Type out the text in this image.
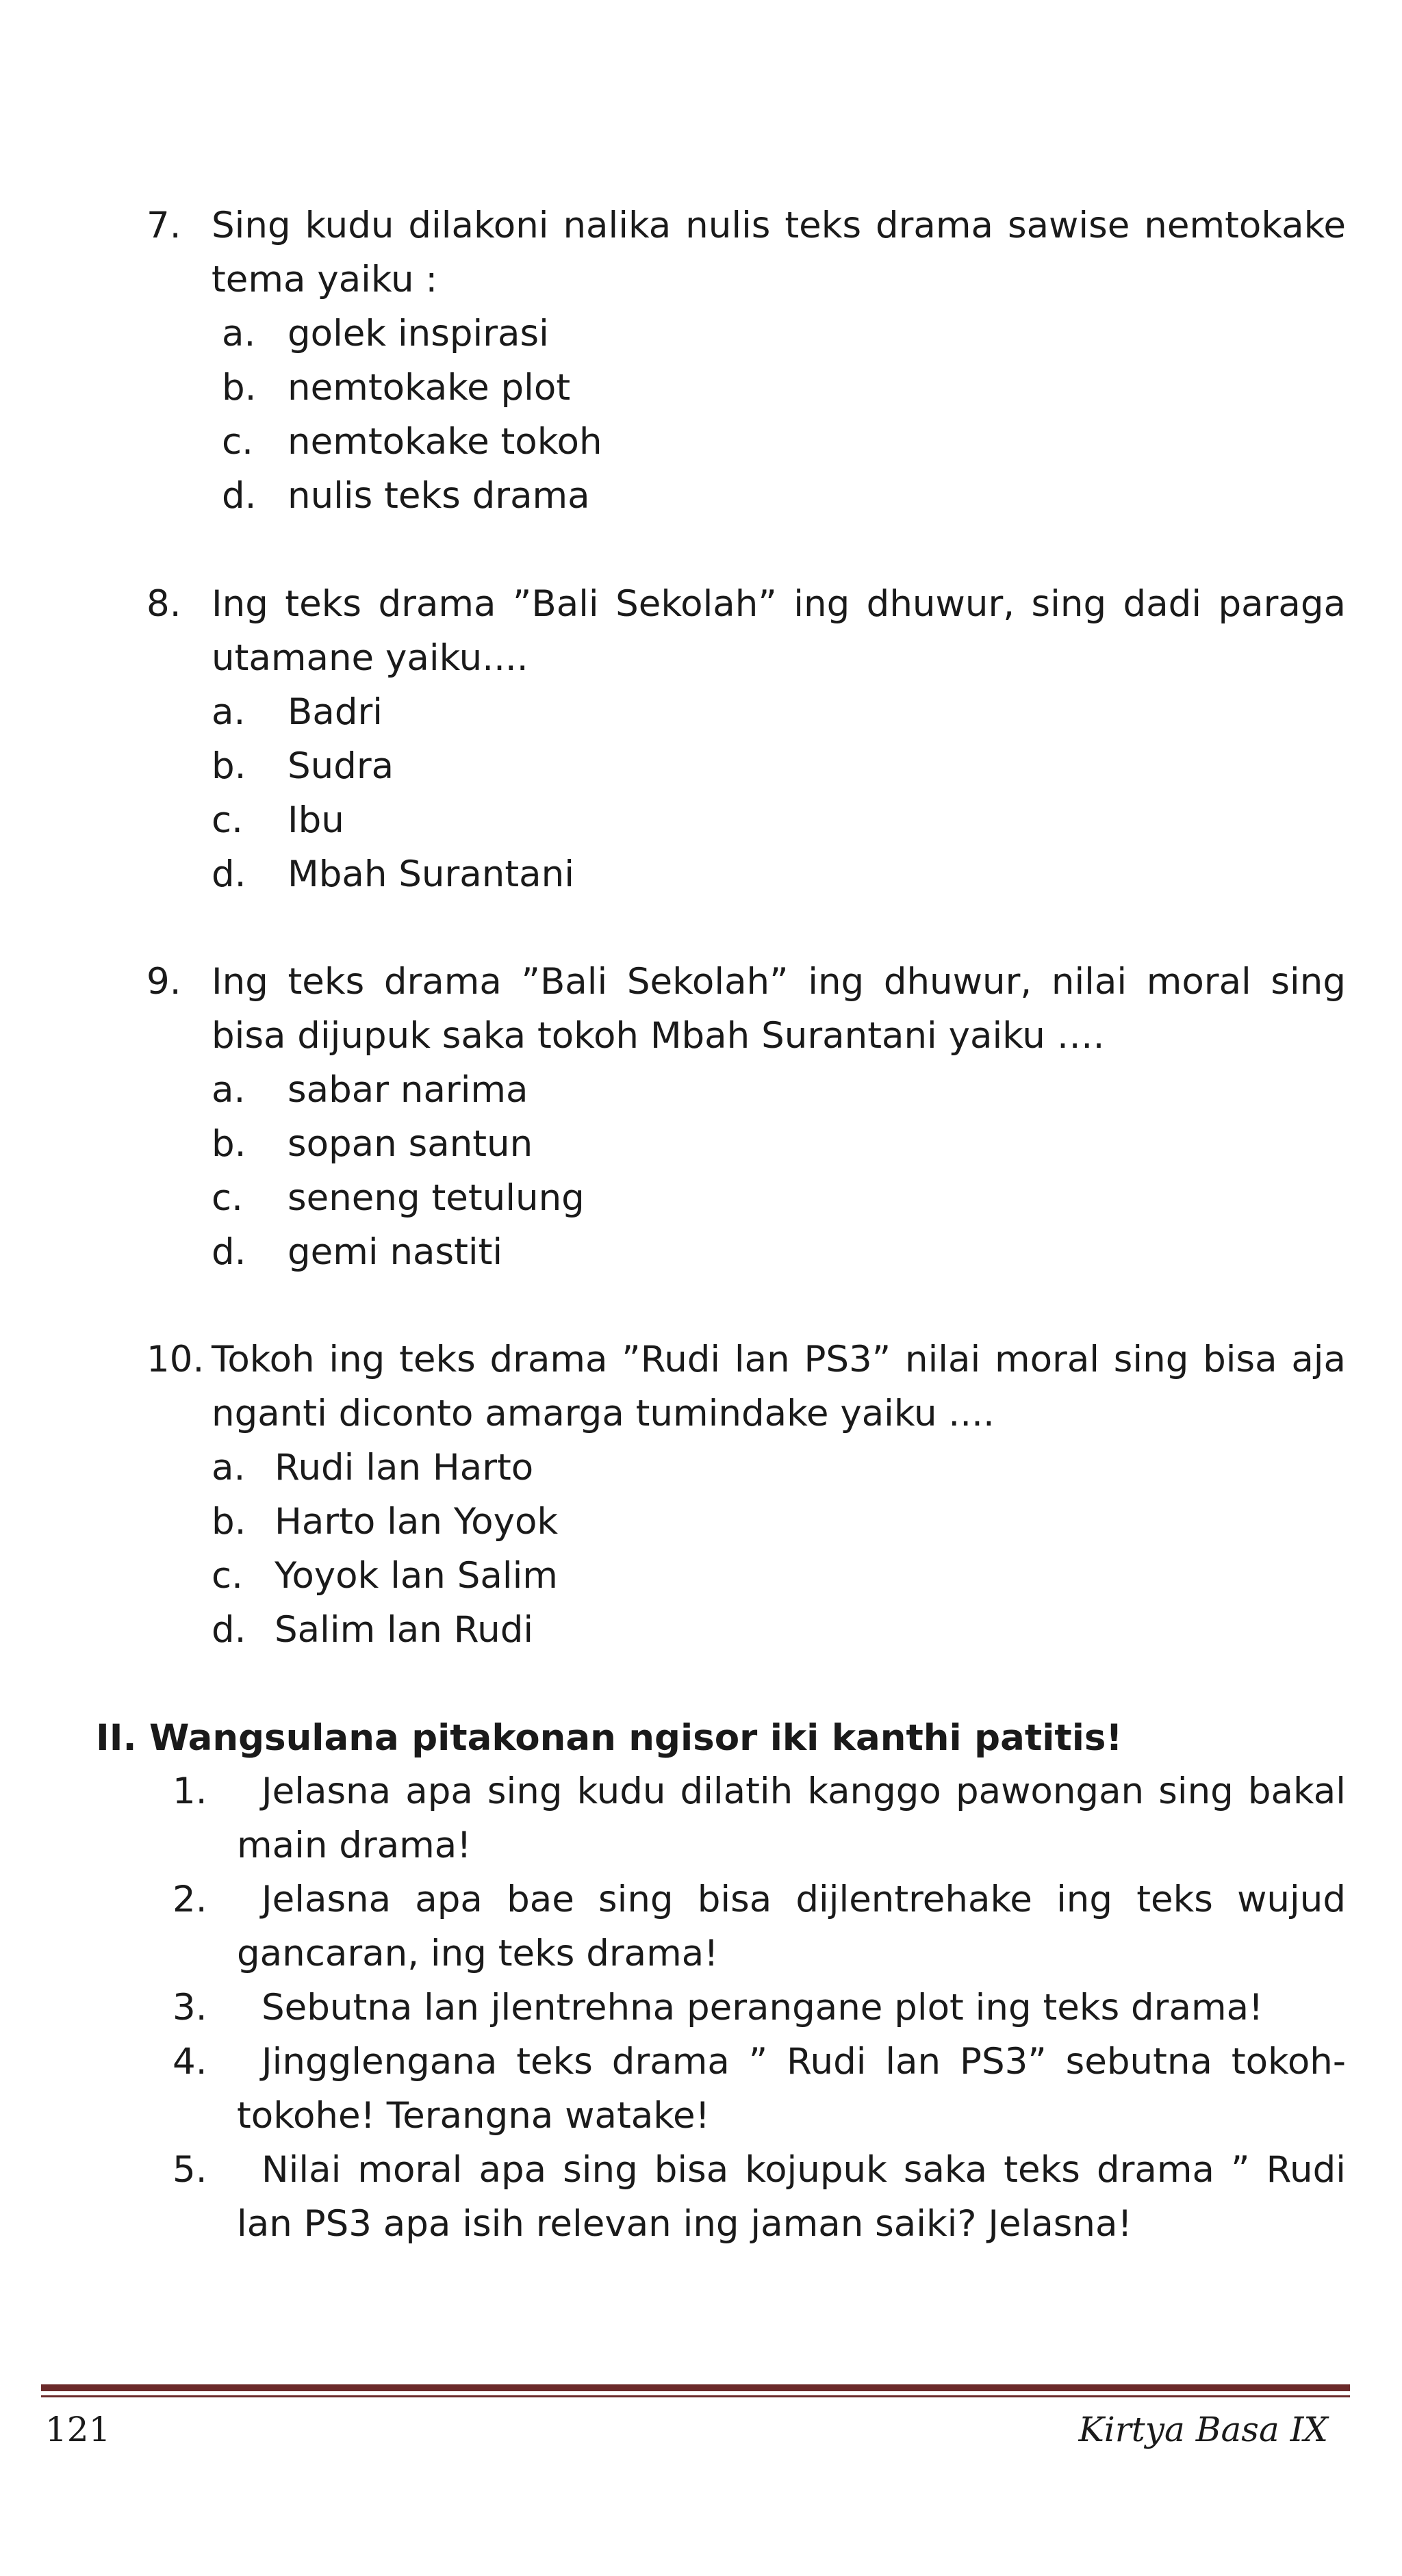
7. Sing kudu dilakoni nalika nulis teks drama sawise nemtokake tema yaiku :
a. golek inspirasi
b. nemtokake plot
c. nemtokake tokoh
d. nulis teks drama
8. Ing teks drama ”Bali Sekolah” ing dhuwur, sing dadi paraga utamane yaiku....
a. Badri
b. Sudra
c. Ibu
d. Mbah Surantani
9. Ing teks drama ”Bali Sekolah” ing dhuwur, nilai moral sing bisa dijupuk saka tokoh Mbah Surantani yaiku ….
a. sabar narima
b. sopan santun
c. seneng tetulung
d. gemi nastiti
10. Tokoh ing teks drama ”Rudi lan PS3” nilai moral sing bisa aja nganti diconto amarga tumindake yaiku ....
a. Rudi lan Harto
b. Harto lan Yoyok
c. Yoyok lan Salim
d. Salim lan Rudi
II. Wangsulana pitakonan ngisor iki kanthi patitis!
1.	Jelasna apa sing kudu dilatih kanggo pawongan sing bakal main drama!
2.	Jelasna apa bae sing bisa dijlentrehake ing teks wujud gancaran, ing teks drama!
3.	Sebutna lan jlentrehna perangane plot ing teks drama!
4.	Jingglengana teks drama ” Rudi lan PS3” sebutna tokoh-tokohe! Terangna watake!
5.	Nilai moral apa sing bisa kojupuk saka teks drama ” Rudi lan PS3 apa isih relevan ing jaman saiki? Jelasna!
121	Kirtya Basa IX
